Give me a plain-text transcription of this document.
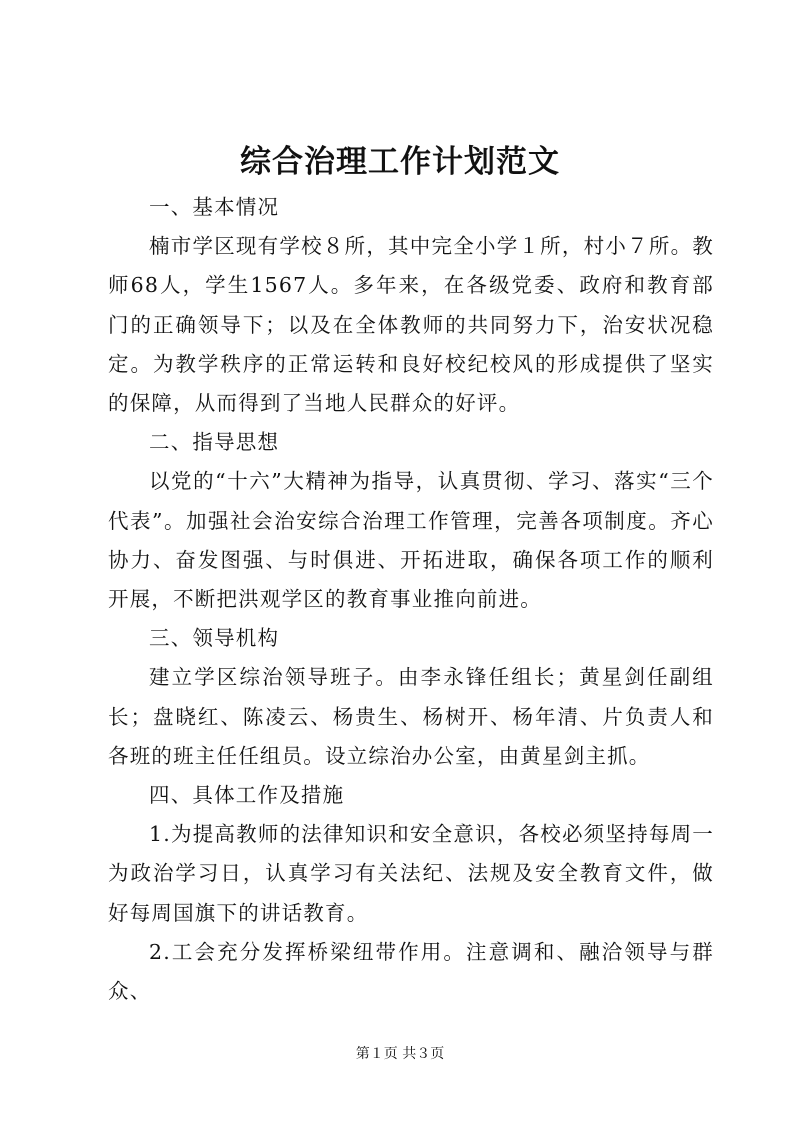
综合治理工作计划范文

一、基本情况

楠市学区现有学校８所，其中完全小学１所，村小７所。教师68人，学生1567人。多年来，在各级党委、政府和教育部门的正确领导下；以及在全体教师的共同努力下，治安状况稳定。为教学秩序的正常运转和良好校纪校风的形成提供了坚实的保障，从而得到了当地人民群众的好评。

二、指导思想

以党的“十六”大精神为指导，认真贯彻、学习、落实“三个代表”。加强社会治安综合治理工作管理，完善各项制度。齐心协力、奋发图强、与时俱进、开拓进取，确保各项工作的顺利开展，不断把洪观学区的教育事业推向前进。

三、领导机构

建立学区综治领导班子。由李永锋任组长；黄星剑任副组长；盘晓红、陈凌云、杨贵生、杨树开、杨年清、片负责人和各班的班主任任组员。设立综治办公室，由黄星剑主抓。

四、具体工作及措施

1.为提高教师的法律知识和安全意识，各校必须坚持每周一为政治学习日，认真学习有关法纪、法规及安全教育文件，做好每周国旗下的讲话教育。

2.工会充分发挥桥梁纽带作用。注意调和、融洽领导与群众、

第１页 共３页
